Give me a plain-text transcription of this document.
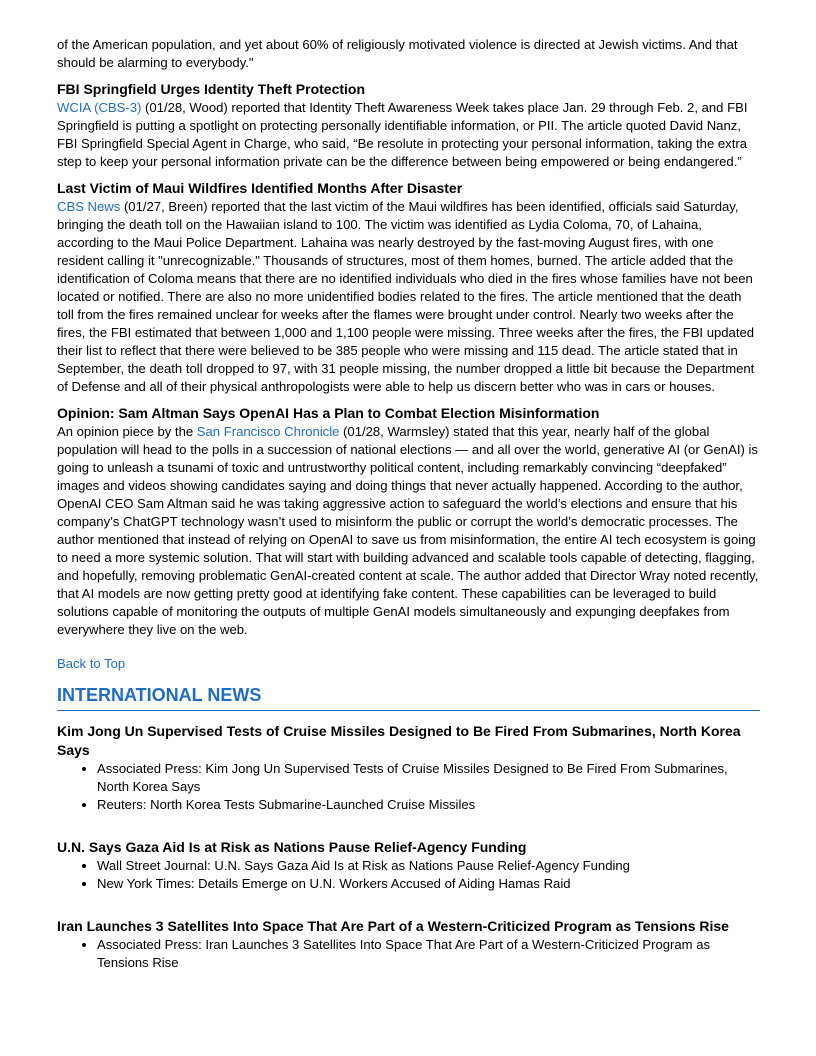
of the American population, and yet about 60% of religiously motivated violence is directed at Jewish victims. And that should be alarming to everybody."

FBI Springfield Urges Identity Theft Protection

WCIA (CBS-3) (01/28, Wood) reported that Identity Theft Awareness Week takes place Jan. 29 through Feb. 2, and FBI Springfield is putting a spotlight on protecting personally identifiable information, or PII. The article quoted David Nanz, FBI Springfield Special Agent in Charge, who said, “Be resolute in protecting your personal information, taking the extra step to keep your personal information private can be the difference between being empowered or being endangered.”

Last Victim of Maui Wildfires Identified Months After Disaster

CBS News (01/27, Breen) reported that the last victim of the Maui wildfires has been identified, officials said Saturday, bringing the death toll on the Hawaiian island to 100. The victim was identified as Lydia Coloma, 70, of Lahaina, according to the Maui Police Department. Lahaina was nearly destroyed by the fast-moving August fires, with one resident calling it "unrecognizable." Thousands of structures, most of them homes, burned. The article added that the identification of Coloma means that there are no identified individuals who died in the fires whose families have not been located or notified. There are also no more unidentified bodies related to the fires. The article mentioned that the death toll from the fires remained unclear for weeks after the flames were brought under control. Nearly two weeks after the fires, the FBI estimated that between 1,000 and 1,100 people were missing. Three weeks after the fires, the FBI updated their list to reflect that there were believed to be 385 people who were missing and 115 dead. The article stated that in September, the death toll dropped to 97, with 31 people missing, the number dropped a little bit because the Department of Defense and all of their physical anthropologists were able to help us discern better who was in cars or houses.

Opinion: Sam Altman Says OpenAI Has a Plan to Combat Election Misinformation

An opinion piece by the San Francisco Chronicle (01/28, Warmsley) stated that this year, nearly half of the global population will head to the polls in a succession of national elections — and all over the world, generative AI (or GenAI) is going to unleash a tsunami of toxic and untrustworthy political content, including remarkably convincing “deepfaked” images and videos showing candidates saying and doing things that never actually happened. According to the author, OpenAI CEO Sam Altman said he was taking aggressive action to safeguard the world’s elections and ensure that his company’s ChatGPT technology wasn’t used to misinform the public or corrupt the world’s democratic processes. The author mentioned that instead of relying on OpenAI to save us from misinformation, the entire AI tech ecosystem is going to need a more systemic solution. That will start with building advanced and scalable tools capable of detecting, flagging, and hopefully, removing problematic GenAI-created content at scale. The author added that Director Wray noted recently, that AI models are now getting pretty good at identifying fake content. These capabilities can be leveraged to build solutions capable of monitoring the outputs of multiple GenAI models simultaneously and expunging deepfakes from everywhere they live on the web.

Back to Top
INTERNATIONAL NEWS
Kim Jong Un Supervised Tests of Cruise Missiles Designed to Be Fired From Submarines, North Korea Says
• Associated Press: Kim Jong Un Supervised Tests of Cruise Missiles Designed to Be Fired From Submarines, North Korea Says
• Reuters: North Korea Tests Submarine-Launched Cruise Missiles
U.N. Says Gaza Aid Is at Risk as Nations Pause Relief-Agency Funding
• Wall Street Journal: U.N. Says Gaza Aid Is at Risk as Nations Pause Relief-Agency Funding
• New York Times: Details Emerge on U.N. Workers Accused of Aiding Hamas Raid
Iran Launches 3 Satellites Into Space That Are Part of a Western-Criticized Program as Tensions Rise
• Associated Press: Iran Launches 3 Satellites Into Space That Are Part of a Western-Criticized Program as Tensions Rise
